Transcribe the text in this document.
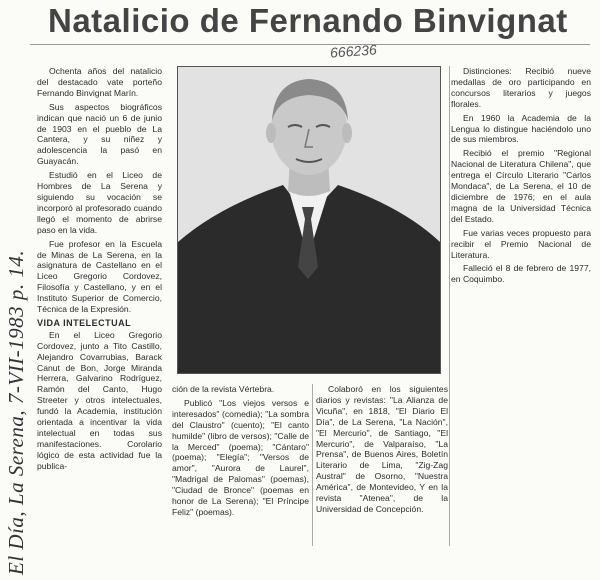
Natalicio de Fernando Binvignat
666236
El Día, La Serena, 7-VII-1983 p. 14.

Ochenta años del natalicio del destacado vate porteño Fernando Binvignat Marín.

Sus aspectos biográficos indican que nació un 6 de junio de 1903 en el pueblo de La Cantera, y su niñez y adolescencia la pasó en Guayacán.

Estudió en el Liceo de Hombres de La Serena y siguiendo su vocación se incorporó al profesorado cuando llegó el momento de abrirse paso en la vida.

Fue profesor en la Escuela de Minas de La Serena, en la asignatura de Castellano en el Liceo Gregorio Cordovez, Filosofía y Castellano, y en el Instituto Superior de Comercio, Técnica de la Expresión.

VIDA INTELECTUAL

En el Liceo Gregorio Cordovez, junto a Tito Castillo, Alejandro Covarrubias, Barack Canut de Bon, Jorge Miranda Herrera, Galvarino Rodríguez, Ramón del Canto, Hugo Streeter y otros intelectuales, fundó la Academia, institución orientada a incentivar la vida intelectual en todas sus manifestaciones. Corolario lógico de esta actividad fue la publica-

ción de la revista Vértebra.

Publicó "Los viejos versos e interesados" (comedia); "La sombra del Claustro" (cuento); "El canto humilde" (libro de versos); "Calle de la Merced" (poema); "Cántaro" (poema); "Elegía"; "Versos de amor", "Aurora de Laurel", "Madrigal de Palomas" (poemas), "Ciudad de Bronce" (poemas en honor de La Serena); "El Príncipe Feliz" (poemas).

Colaboró en los siguientes diarios y revistas: "La Alianza de Vicuña", en 1818, "El Diario El Día", de La Serena, "La Nación", "El Mercurio", de Santiago, "El Mercurio", de Valparaíso, "La Prensa", de Buenos Aires, Boletín Literario de Lima, "Zig-Zag Austral" de Osorno, "Nuestra América", de Montevideo, Y en la revista "Atenea", de la Universidad de Concepción.

Distinciones: Recibió nueve medallas de oro participando en concursos literarios y juegos florales.

En 1960 la Academia de la Lengua lo distingue haciéndolo uno de sus miembros.

Recibió el premio "Regional Nacional de Literatura Chilena", que entrega el Círculo Literario "Carlos Mondaca", de La Serena, el 10 de diciembre de 1976; en el aula magna de la Universidad Técnica del Estado.

Fue varias veces propuesto para recibir el Premio Nacional de Literatura.

Falleció el 8 de febrero de 1977, en Coquimbo.
